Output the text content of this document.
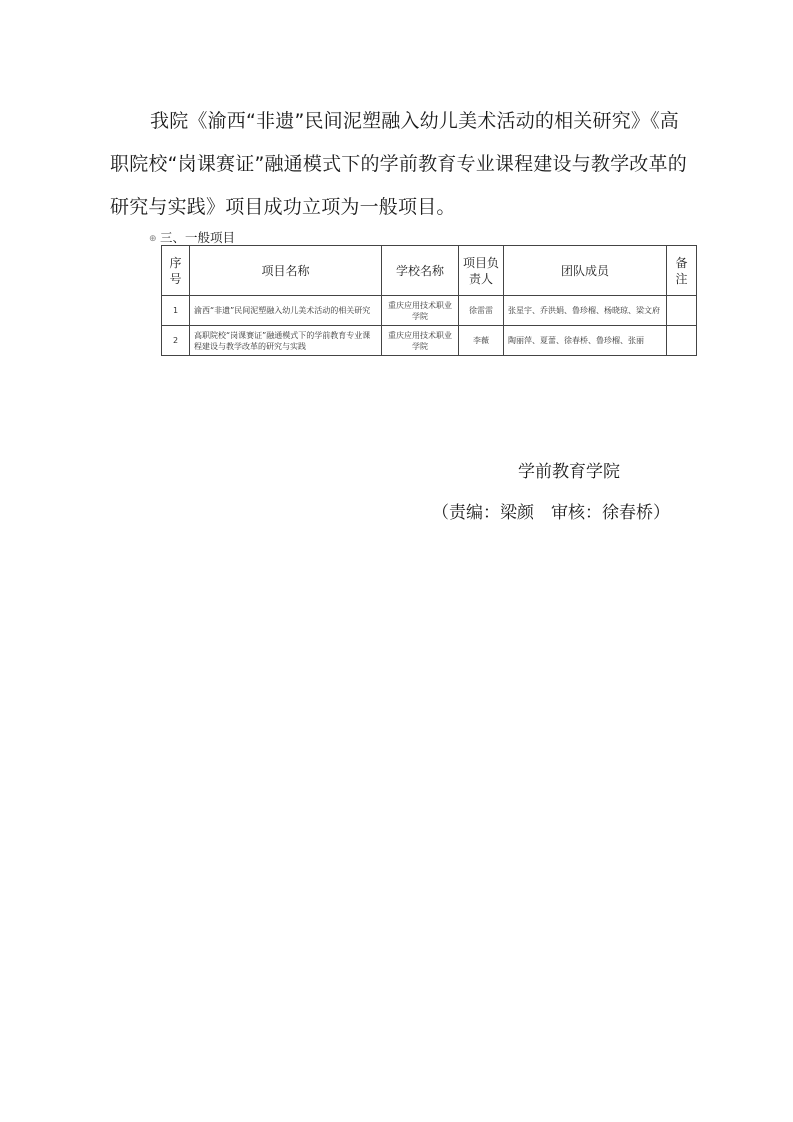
我院《渝西“非遗”民间泥塑融入幼儿美术活动的相关研究》《高职院校“岗课赛证”融通模式下的学前教育专业课程建设与教学改革的研究与实践》项目成功立项为一般项目。

⊕ 三、一般项目
序号	项目名称	学校名称	项目负责人	团队成员	备注
1	渝西“非遗”民间泥塑融入幼儿美术活动的相关研究	重庆应用技术职业学院	徐雷雷	张星宇、乔洪娟、鲁珍榴、杨晓琼、梁文府	
2	高职院校“岗课赛证”融通模式下的学前教育专业课程建设与教学改革的研究与实践	重庆应用技术职业学院	李薇	陶丽萍、夏蕾、徐春桥、鲁珍榴、张丽	
学前教育学院
（责编：梁颜　审核：徐春桥）
